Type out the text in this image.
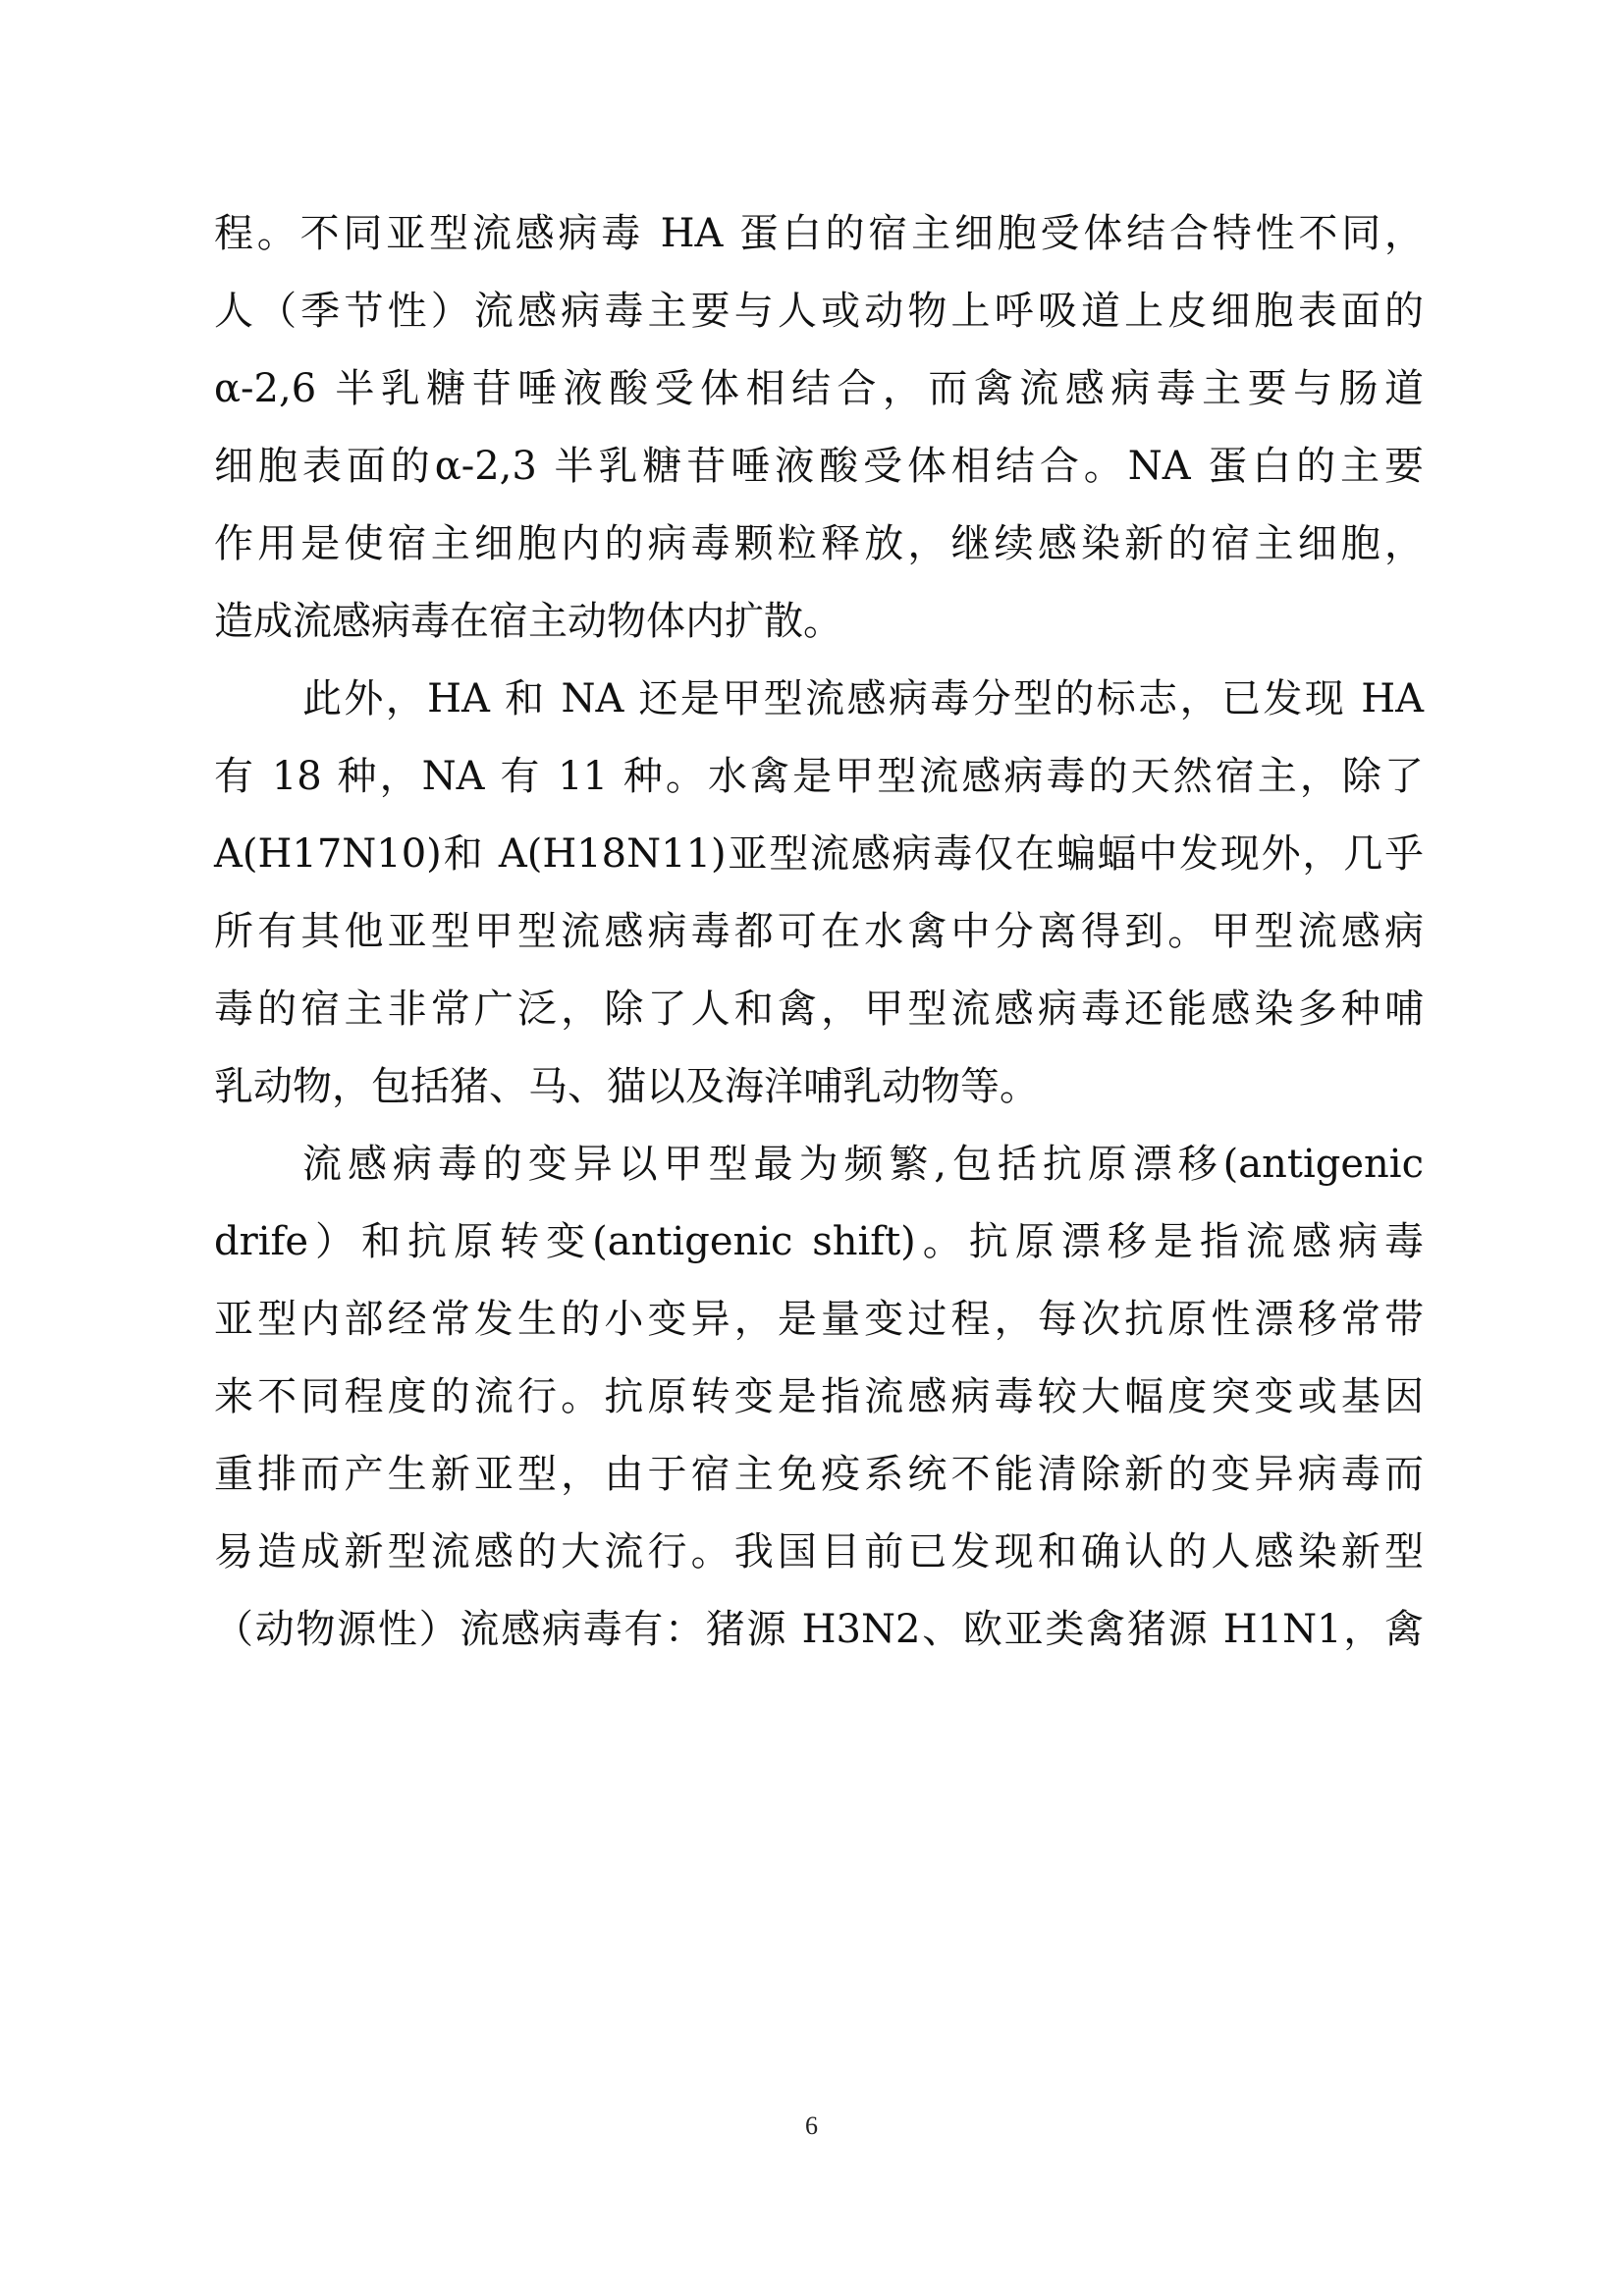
程。不同亚型流感病毒 HA 蛋白的宿主细胞受体结合特性不同，
人（季节性）流感病毒主要与人或动物上呼吸道上皮细胞表面的
α-2,6 半乳糖苷唾液酸受体相结合，而禽流感病毒主要与肠道
细胞表面的α-2,3 半乳糖苷唾液酸受体相结合。NA 蛋白的主要
作用是使宿主细胞内的病毒颗粒释放，继续感染新的宿主细胞，
造成流感病毒在宿主动物体内扩散。
此外，HA 和 NA 还是甲型流感病毒分型的标志，已发现 HA
有 18 种，NA 有 11 种。水禽是甲型流感病毒的天然宿主，除了
A(H17N10)和 A(H18N11)亚型流感病毒仅在蝙蝠中发现外，几乎
所有其他亚型甲型流感病毒都可在水禽中分离得到。甲型流感病
毒的宿主非常广泛，除了人和禽，甲型流感病毒还能感染多种哺
乳动物，包括猪、马、猫以及海洋哺乳动物等。
流感病毒的变异以甲型最为频繁,包括抗原漂移(antigenic
drife）和抗原转变(antigenic shift)。抗原漂移是指流感病毒
亚型内部经常发生的小变异，是量变过程，每次抗原性漂移常带
来不同程度的流行。抗原转变是指流感病毒较大幅度突变或基因
重排而产生新亚型，由于宿主免疫系统不能清除新的变异病毒而
易造成新型流感的大流行。我国目前已发现和确认的人感染新型
（动物源性）流感病毒有：猪源 H3N2、欧亚类禽猪源 H1N1，禽
6
